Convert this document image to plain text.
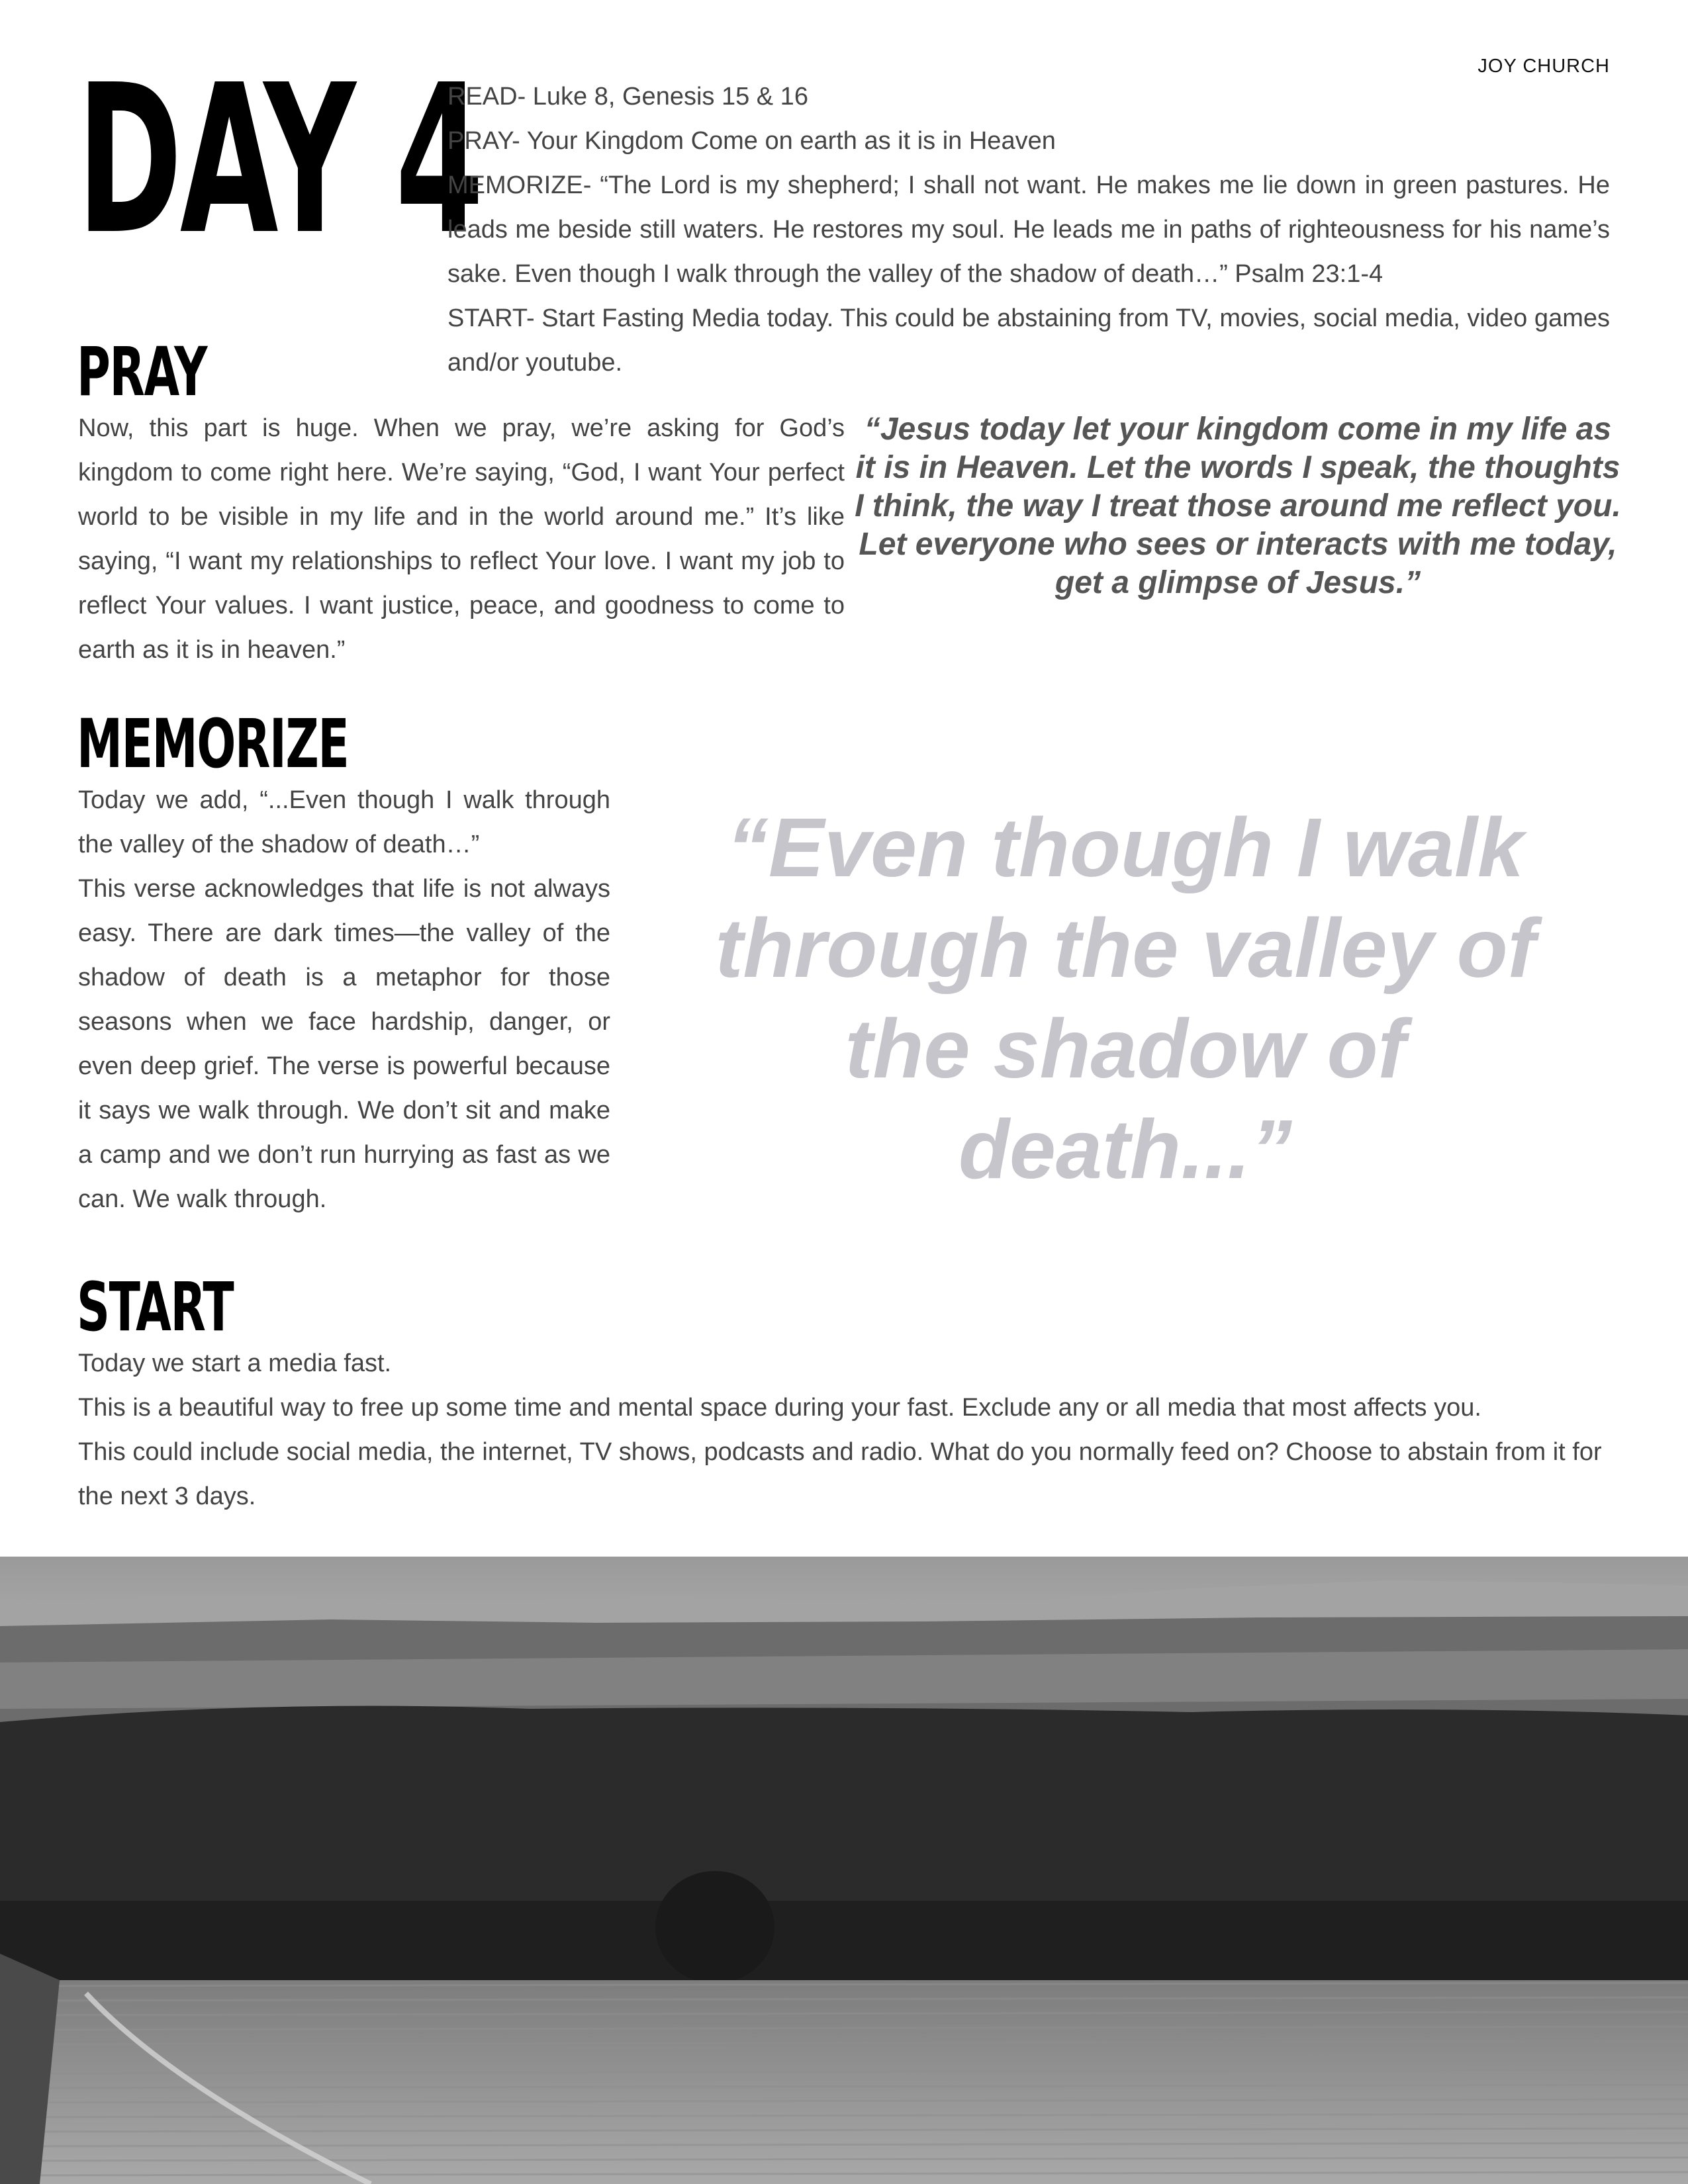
JOY CHURCH
DAY 4

READ- Luke 8, Genesis 15 & 16

PRAY- Your Kingdom Come on earth as it is in Heaven

MEMORIZE- “The Lord is my shepherd; I shall not want. He makes me lie down in green pastures. He leads me beside still waters. He restores my soul. He leads me in paths of righteousness for his name’s sake. Even though I walk through the valley of the shadow of death…” Psalm 23:1-4

START- Start Fasting Media today. This could be abstaining from TV, movies, social media, video games and/or youtube.

PRAY

Now, this part is huge. When we pray, we’re asking for God’s kingdom to come right here. We’re saying, “God, I want Your perfect world to be visible in my life and in the world around me.” It’s like saying, “I want my relationships to reflect Your love. I want my job to reflect Your values. I want justice, peace, and goodness to come to earth as it is in heaven.”

“Jesus today let your kingdom come in my life as it is in Heaven. Let the words I speak, the thoughts I think, the way I treat those around me reflect you. Let everyone who sees or interacts with me today, get a glimpse of Jesus.”

MEMORIZE

Today we add, “...Even though I walk through the valley of the shadow of death…”

This verse acknowledges that life is not always easy. There are dark times—the valley of the shadow of death is a metaphor for those seasons when we face hardship, danger, or even deep grief. The verse is powerful because it says we walk through. We don’t sit and make a camp and we don’t run hurrying as fast as we can. We walk through.

“Even though I walk through the valley of the shadow of death...”

START

Today we start a media fast.

This is a beautiful way to free up some time and mental space during your fast. Exclude any or all media that most affects you.

This could include social media, the internet, TV shows, podcasts and radio. What do you normally feed on? Choose to abstain from it for the next 3 days.
